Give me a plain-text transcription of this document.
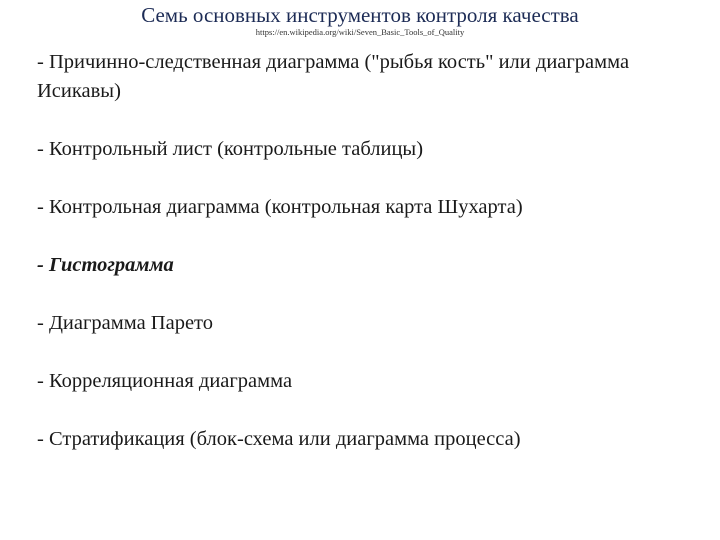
Семь основных инструментов контроля качества
https://en.wikipedia.org/wiki/Seven_Basic_Tools_of_Quality
- Причинно-следственная диаграмма ("рыбья кость" или диаграмма Исикавы)
- Контрольный лист (контрольные таблицы)
- Контрольная диаграмма (контрольная карта Шухарта)
- Гистограмма
- Диаграмма Парето
- Корреляционная диаграмма
- Стратификация (блок-схема или диаграмма процесса)
